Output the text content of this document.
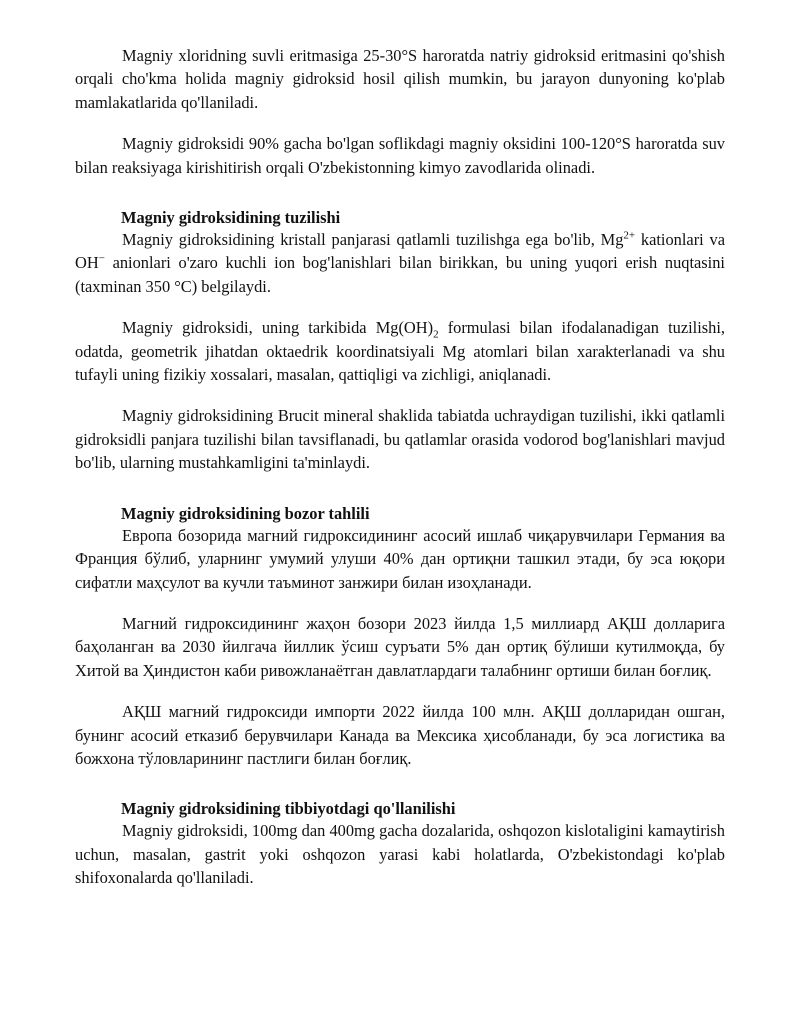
Magniy xloridning suvli eritmasiga 25-30°S haroratda natriy gidroksid eritmasini qo'shish orqali cho'kma holida magniy gidroksid hosil qilish mumkin, bu jarayon dunyoning ko'plab mamlakatlarida qo'llaniladi.

Magniy gidroksidi 90% gacha bo'lgan soflikdagi magniy oksidini 100-120°S haroratda suv bilan reaksiyaga kirishitirish orqali O'zbekistonning kimyo zavodlarida olinadi.

Magniy gidroksidining tuzilishi

Magniy gidroksidining kristall panjarasi qatlamli tuzilishga ega bo'lib, $Mg^{2+}$ kationlari va OH− anionlari o'zaro kuchli ion bog'lanishlari bilan birikkan, bu uning yuqori erish nuqtasini (taxminan 350 °C) belgilaydi.

Magniy gidroksidi, uning tarkibida $Mg(OH)_2$ formulasi bilan ifodalanadigan tuzilishi, odatda, geometrik jihatdan oktaedrik koordinatsiyali Mg atomlari bilan xarakterlanadi va shu tufayli uning fizikiy xossalari, masalan, qattiqligi va zichligi, aniqlanadi.

Magniy gidroksidining Brucit mineral shaklida tabiatda uchraydigan tuzilishi, ikki qatlamli gidroksidli panjara tuzilishi bilan tavsiflanadi, bu qatlamlar orasida vodorod bog'lanishlari mavjud bo'lib, ularning mustahkamligini ta'minlaydi.

Magniy gidroksidining bozor tahlili

Европа бозорида магний гидроксидининг асосий ишлаб чиқарувчилари Германия ва Франция бўлиб, уларнинг умумий улуши 40% дан ортиқни ташкил этади, бу эса юқори сифатли маҳсулот ва кучли таъминот занжири билан изоҳланади.

Магний гидроксидининг жаҳон бозори 2023 йилда 1,5 миллиард АҚШ долларига баҳоланган ва 2030 йилгача йиллик ўсиш суръати 5% дан ортиқ бўлиши кутилмоқда, бу Хитой ва Ҳиндистон каби ривожланаётган давлатлардаги талабнинг ортиши билан боғлиқ.

АҚШ магний гидроксиди импорти 2022 йилда 100 млн. АҚШ долларидан ошган, бунинг асосий етказиб берувчилари Канада ва Мексика ҳисобланади, бу эса логистика ва божхона тўловларининг пастлиги билан боғлиқ.

Magniy gidroksidining tibbiyotdagi qo'llanilishi

Magniy gidroksidi, 100mg dan 400mg gacha dozalarida, oshqozon kislotaligini kamaytirish uchun, masalan, gastrit yoki oshqozon yarasi kabi holatlarda, O'zbekistondagi ko'plab shifoxonalarda qo'llaniladi.
